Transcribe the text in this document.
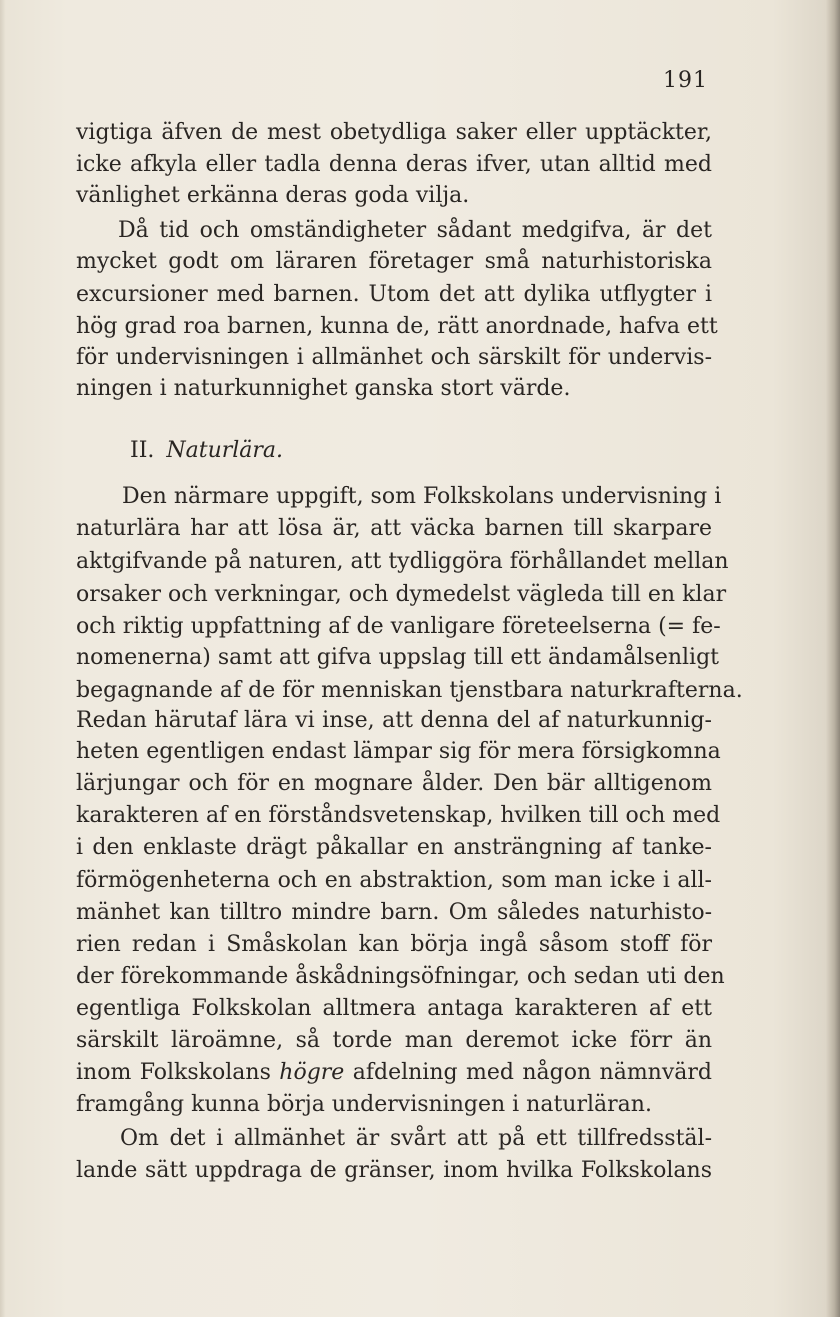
191
vigtiga äfven de mest obetydliga saker eller upptäckter,
icke afkyla eller tadla denna deras ifver, utan alltid med
vänlighet erkänna deras goda vilja.
Då tid och omständigheter sådant medgifva, är det
mycket godt om läraren företager små naturhistoriska
excursioner med barnen. Utom det att dylika utflygter i
hög grad roa barnen, kunna de, rätt anordnade, hafva ett
för undervisningen i allmänhet och särskilt för undervis-
ningen i naturkunnighet ganska stort värde.
II. Naturlära.
Den närmare uppgift, som Folkskolans undervisning i
naturlära har att lösa är, att väcka barnen till skarpare
aktgifvande på naturen, att tydliggöra förhållandet mellan
orsaker och verkningar, och dymedelst vägleda till en klar
och riktig uppfattning af de vanligare företeelserna (= fe-
nomenerna) samt att gifva uppslag till ett ändamålsenligt
begagnande af de för menniskan tjenstbara naturkrafterna.
Redan härutaf lära vi inse, att denna del af naturkunnig-
heten egentligen endast lämpar sig för mera försigkomna
lärjungar och för en mognare ålder. Den bär alltigenom
karakteren af en förståndsvetenskap, hvilken till och med
i den enklaste drägt påkallar en ansträngning af tanke-
förmögenheterna och en abstraktion, som man icke i all-
mänhet kan tilltro mindre barn. Om således naturhisto-
rien redan i Småskolan kan börja ingå såsom stoff för
der förekommande åskådningsöfningar, och sedan uti den
egentliga Folkskolan alltmera antaga karakteren af ett
särskilt läroämne, så torde man deremot icke förr än
inom Folkskolans högre afdelning med någon nämnvärd
framgång kunna börja undervisningen i naturläran.
Om det i allmänhet är svårt att på ett tillfredsstäl-
lande sätt uppdraga de gränser, inom hvilka Folkskolans
